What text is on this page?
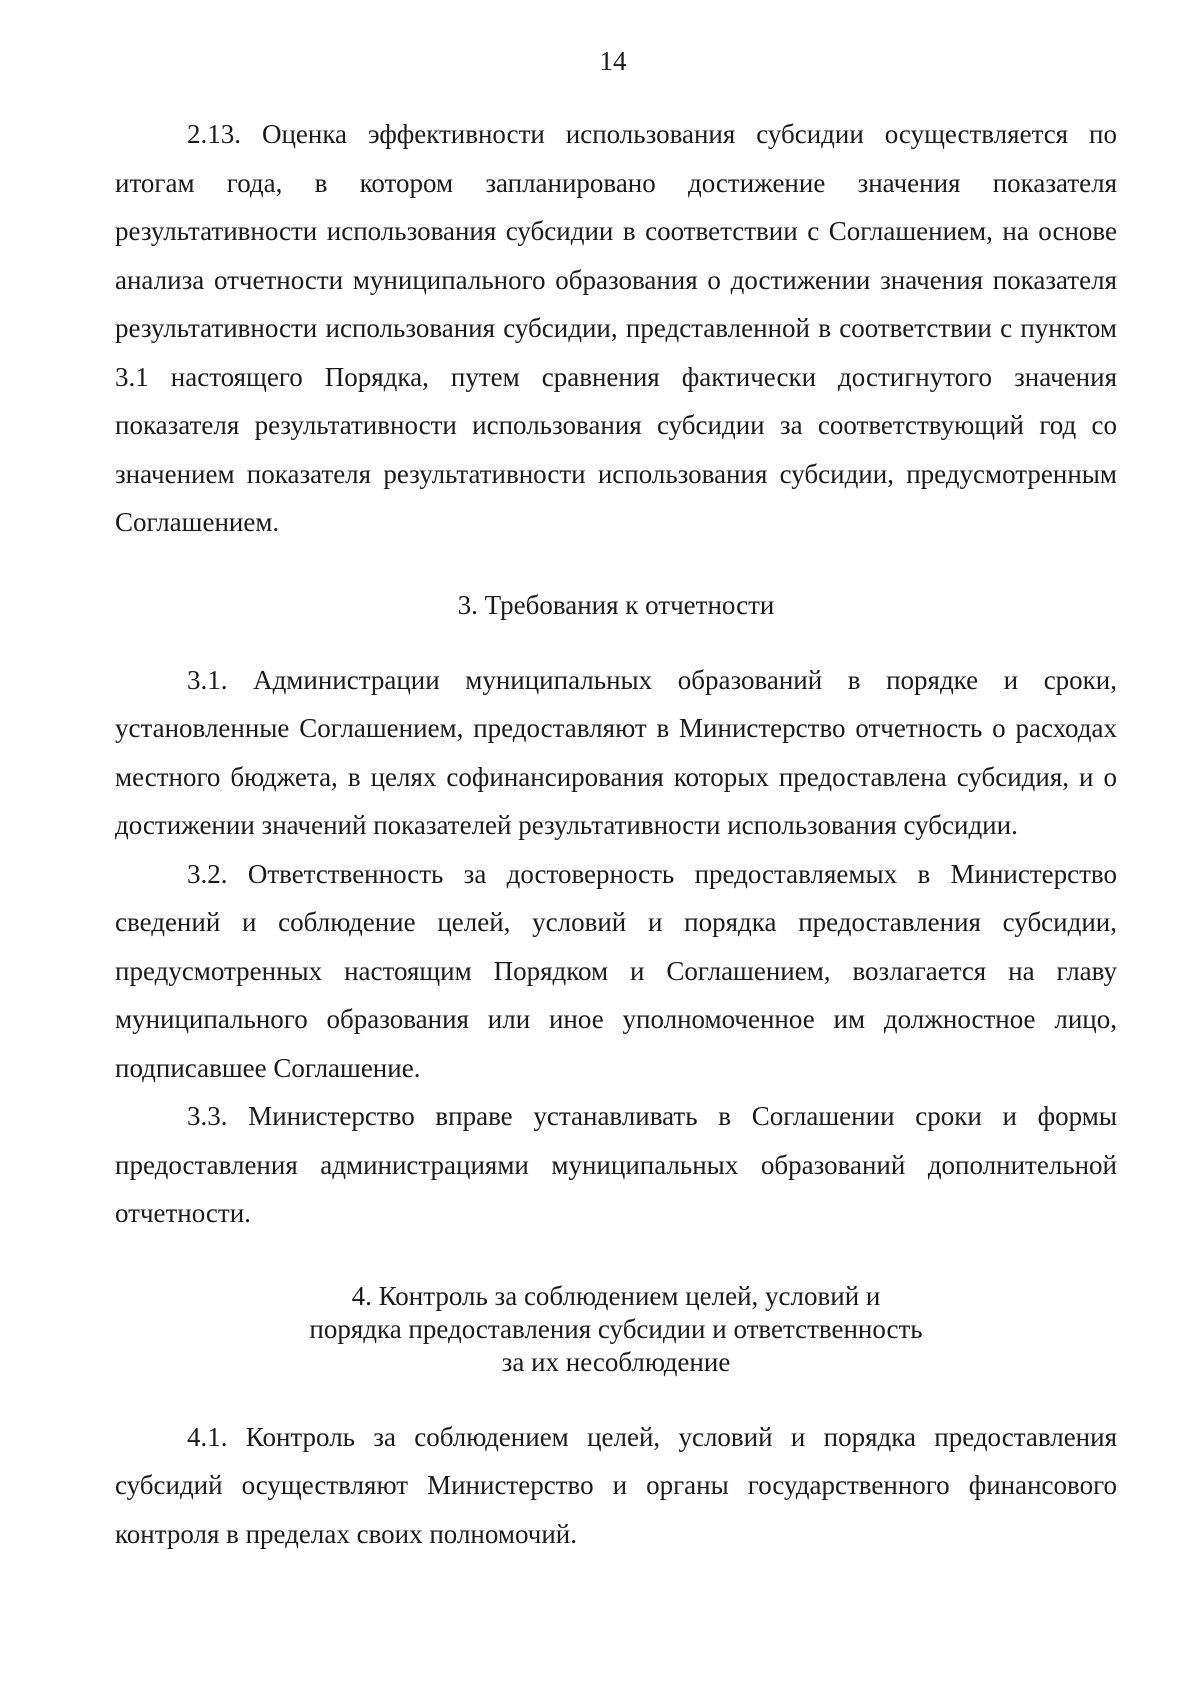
14

2.13. Оценка эффективности использования субсидии осуществляется по итогам года, в котором запланировано достижение значения показателя результативности использования субсидии в соответствии с Соглашением, на основе анализа отчетности муниципального образования о достижении значения показателя результативности использования субсидии, представленной в соответствии с пунктом 3.1 настоящего Порядка, путем сравнения фактически достигнутого значения показателя результативности использования субсидии за соответствующий год со значением показателя результативности использования субсидии, предусмотренным Соглашением.

3. Требования к отчетности

3.1. Администрации муниципальных образований в порядке и сроки, установленные Соглашением, предоставляют в Министерство отчетность о расходах местного бюджета, в целях софинансирования которых предоставлена субсидия, и о достижении значений показателей результативности использования субсидии.

3.2. Ответственность за достоверность предоставляемых в Министерство сведений и соблюдение целей, условий и порядка предоставления субсидии, предусмотренных настоящим Порядком и Соглашением, возлагается на главу муниципального образования или иное уполномоченное им должностное лицо, подписавшее Соглашение.

3.3. Министерство вправе устанавливать в Соглашении сроки и формы предоставления администрациями муниципальных образований дополнительной отчетности.

4. Контроль за соблюдением целей, условий и
порядка предоставления субсидии и ответственность
за их несоблюдение

4.1. Контроль за соблюдением целей, условий и порядка предоставления субсидий осуществляют Министерство и органы государственного финансового контроля в пределах своих полномочий.
